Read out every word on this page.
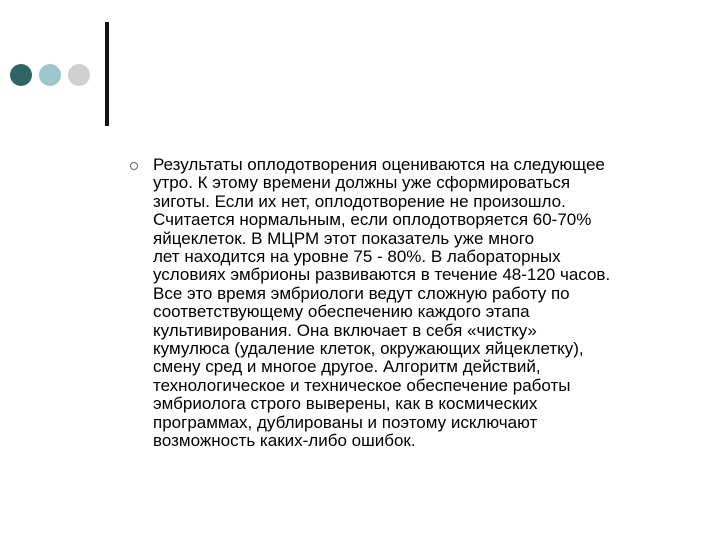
Результаты оплодотворения оцениваются на следующее
утро. К этому времени должны уже сформироваться
зиготы. Если их нет, оплодотворение не произошло.
Считается нормальным, если оплодотворяется 60-70%
яйцеклеток. В МЦРМ этот показатель уже много
лет находится на уровне 75 - 80%. В лабораторных
условиях эмбрионы развиваются в течение 48-120 часов.
Все это время эмбриологи ведут сложную работу по
соответствующему обеспечению каждого этапа
культивирования. Она включает в себя «чистку»
кумулюса (удаление клеток, окружающих яйцеклетку),
смену сред и многое другое. Алгоритм действий,
технологическое и техническое обеспечение работы
эмбриолога строго выверены, как в космических
программах, дублированы и поэтому исключают
возможность каких-либо ошибок.
